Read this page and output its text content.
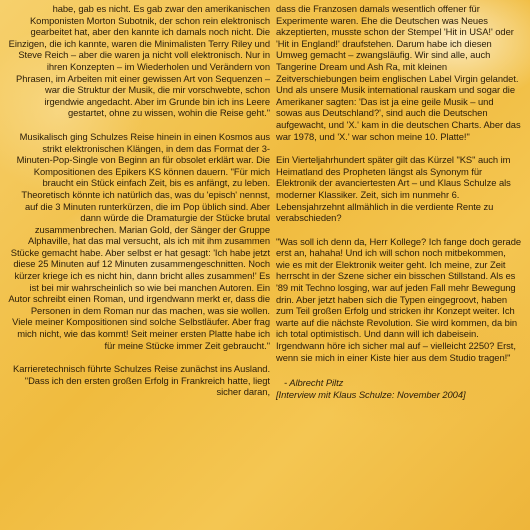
habe, gab es nicht. Es gab zwar den amerikanischen Komponisten Morton Subotnik, der schon rein elektronisch gearbeitet hat, aber den kannte ich damals noch nicht. Die Einzigen, die ich kannte, waren die Minimalisten Terry Riley und Steve Reich – aber die waren ja nicht voll elektronisch. Nur in ihren Konzepten – im Wiederholen und Verändern von Phrasen, im Arbeiten mit einer gewissen Art von Sequenzen – war die Struktur der Musik, die mir vorschwebte, schon irgendwie angedacht. Aber im Grunde bin ich ins Leere gestartet, ohne zu wissen, wohin die Reise geht."

Musikalisch ging Schulzes Reise hinein in einen Kosmos aus strikt elektronischen Klängen, in dem das Format der 3-Minuten-Pop-Single von Beginn an für obsolet erklärt war. Die Kompositionen des Epikers KS können dauern. "Für mich braucht ein Stück einfach Zeit, bis es anfängt, zu leben. Theoretisch könnte ich natürlich das, was du 'episch' nennst, auf die 3 Minuten runterkürzen, die im Pop üblich sind. Aber dann würde die Dramaturgie der Stücke brutal zusammenbrechen. Marian Gold, der Sänger der Gruppe Alphaville, hat das mal versucht, als ich mit ihm zusammen Stücke gemacht habe. Aber selbst er hat gesagt: 'Ich habe jetzt diese 25 Minuten auf 12 Minuten zusammengeschnitten. Noch kürzer kriege ich es nicht hin, dann bricht alles zusammen!' Es ist bei mir wahrscheinlich so wie bei manchen Autoren. Ein Autor schreibt einen Roman, und irgendwann merkt er, dass die Personen in dem Roman nur das machen, was sie wollen. Viele meiner Kompositionen sind solche Selbstläufer. Aber frag mich nicht, wie das kommt! Seit meiner ersten Platte habe ich für meine Stücke immer Zeit gebraucht."

Karrieretechnisch führte Schulzes Reise zunächst ins Ausland. "Dass ich den ersten großen Erfolg in Frankreich hatte, liegt sicher daran,

dass die Franzosen damals wesentlich offener für Experimente waren. Ehe die Deutschen was Neues akzeptierten, musste schon der Stempel 'Hit in USA!' oder 'Hit in England!' draufstehen. Darum habe ich diesen Umweg gemacht – zwangsläufig. Wir sind alle, auch Tangerine Dream und Ash Ra, mit kleinen Zeitverschiebungen beim englischen Label Virgin gelandet. Und als unsere Musik international rauskam und sogar die Amerikaner sagten: 'Das ist ja eine geile Musik – und sowas aus Deutschland?', sind auch die Deutschen aufgewacht, und 'X.' kam in die deutschen Charts. Aber das war 1978, und 'X.' war schon meine 10. Platte!"

Ein Vierteljahrhundert später gilt das Kürzel "KS" auch im Heimatland des Propheten längst als Synonym für Elektronik der avanciertesten Art – und Klaus Schulze als moderner Klassiker. Zeit, sich im nunmehr 6. Lebensjahrzehnt allmählich in die verdiente Rente zu verabschieden?

"Was soll ich denn da, Herr Kollege? Ich fange doch gerade erst an, hahaha! Und ich will schon noch mitbekommen, wie es mit der Elektronik weiter geht. Ich meine, zur Zeit herrscht in der Szene sicher ein bisschen Stillstand. Als es '89 mit Techno losging, war auf jeden Fall mehr Bewegung drin. Aber jetzt haben sich die Typen eingegroovt, haben zum Teil großen Erfolg und stricken ihr Konzept weiter. Ich warte auf die nächste Revolution. Sie wird kommen, da bin ich total optimistisch. Und dann will ich dabeisein. Irgendwann höre ich sicher mal auf – vielleicht 2250? Erst, wenn sie mich in einer Kiste hier aus dem Studio tragen!"

- Albrecht Piltz
[Interview mit Klaus Schulze: November 2004]
